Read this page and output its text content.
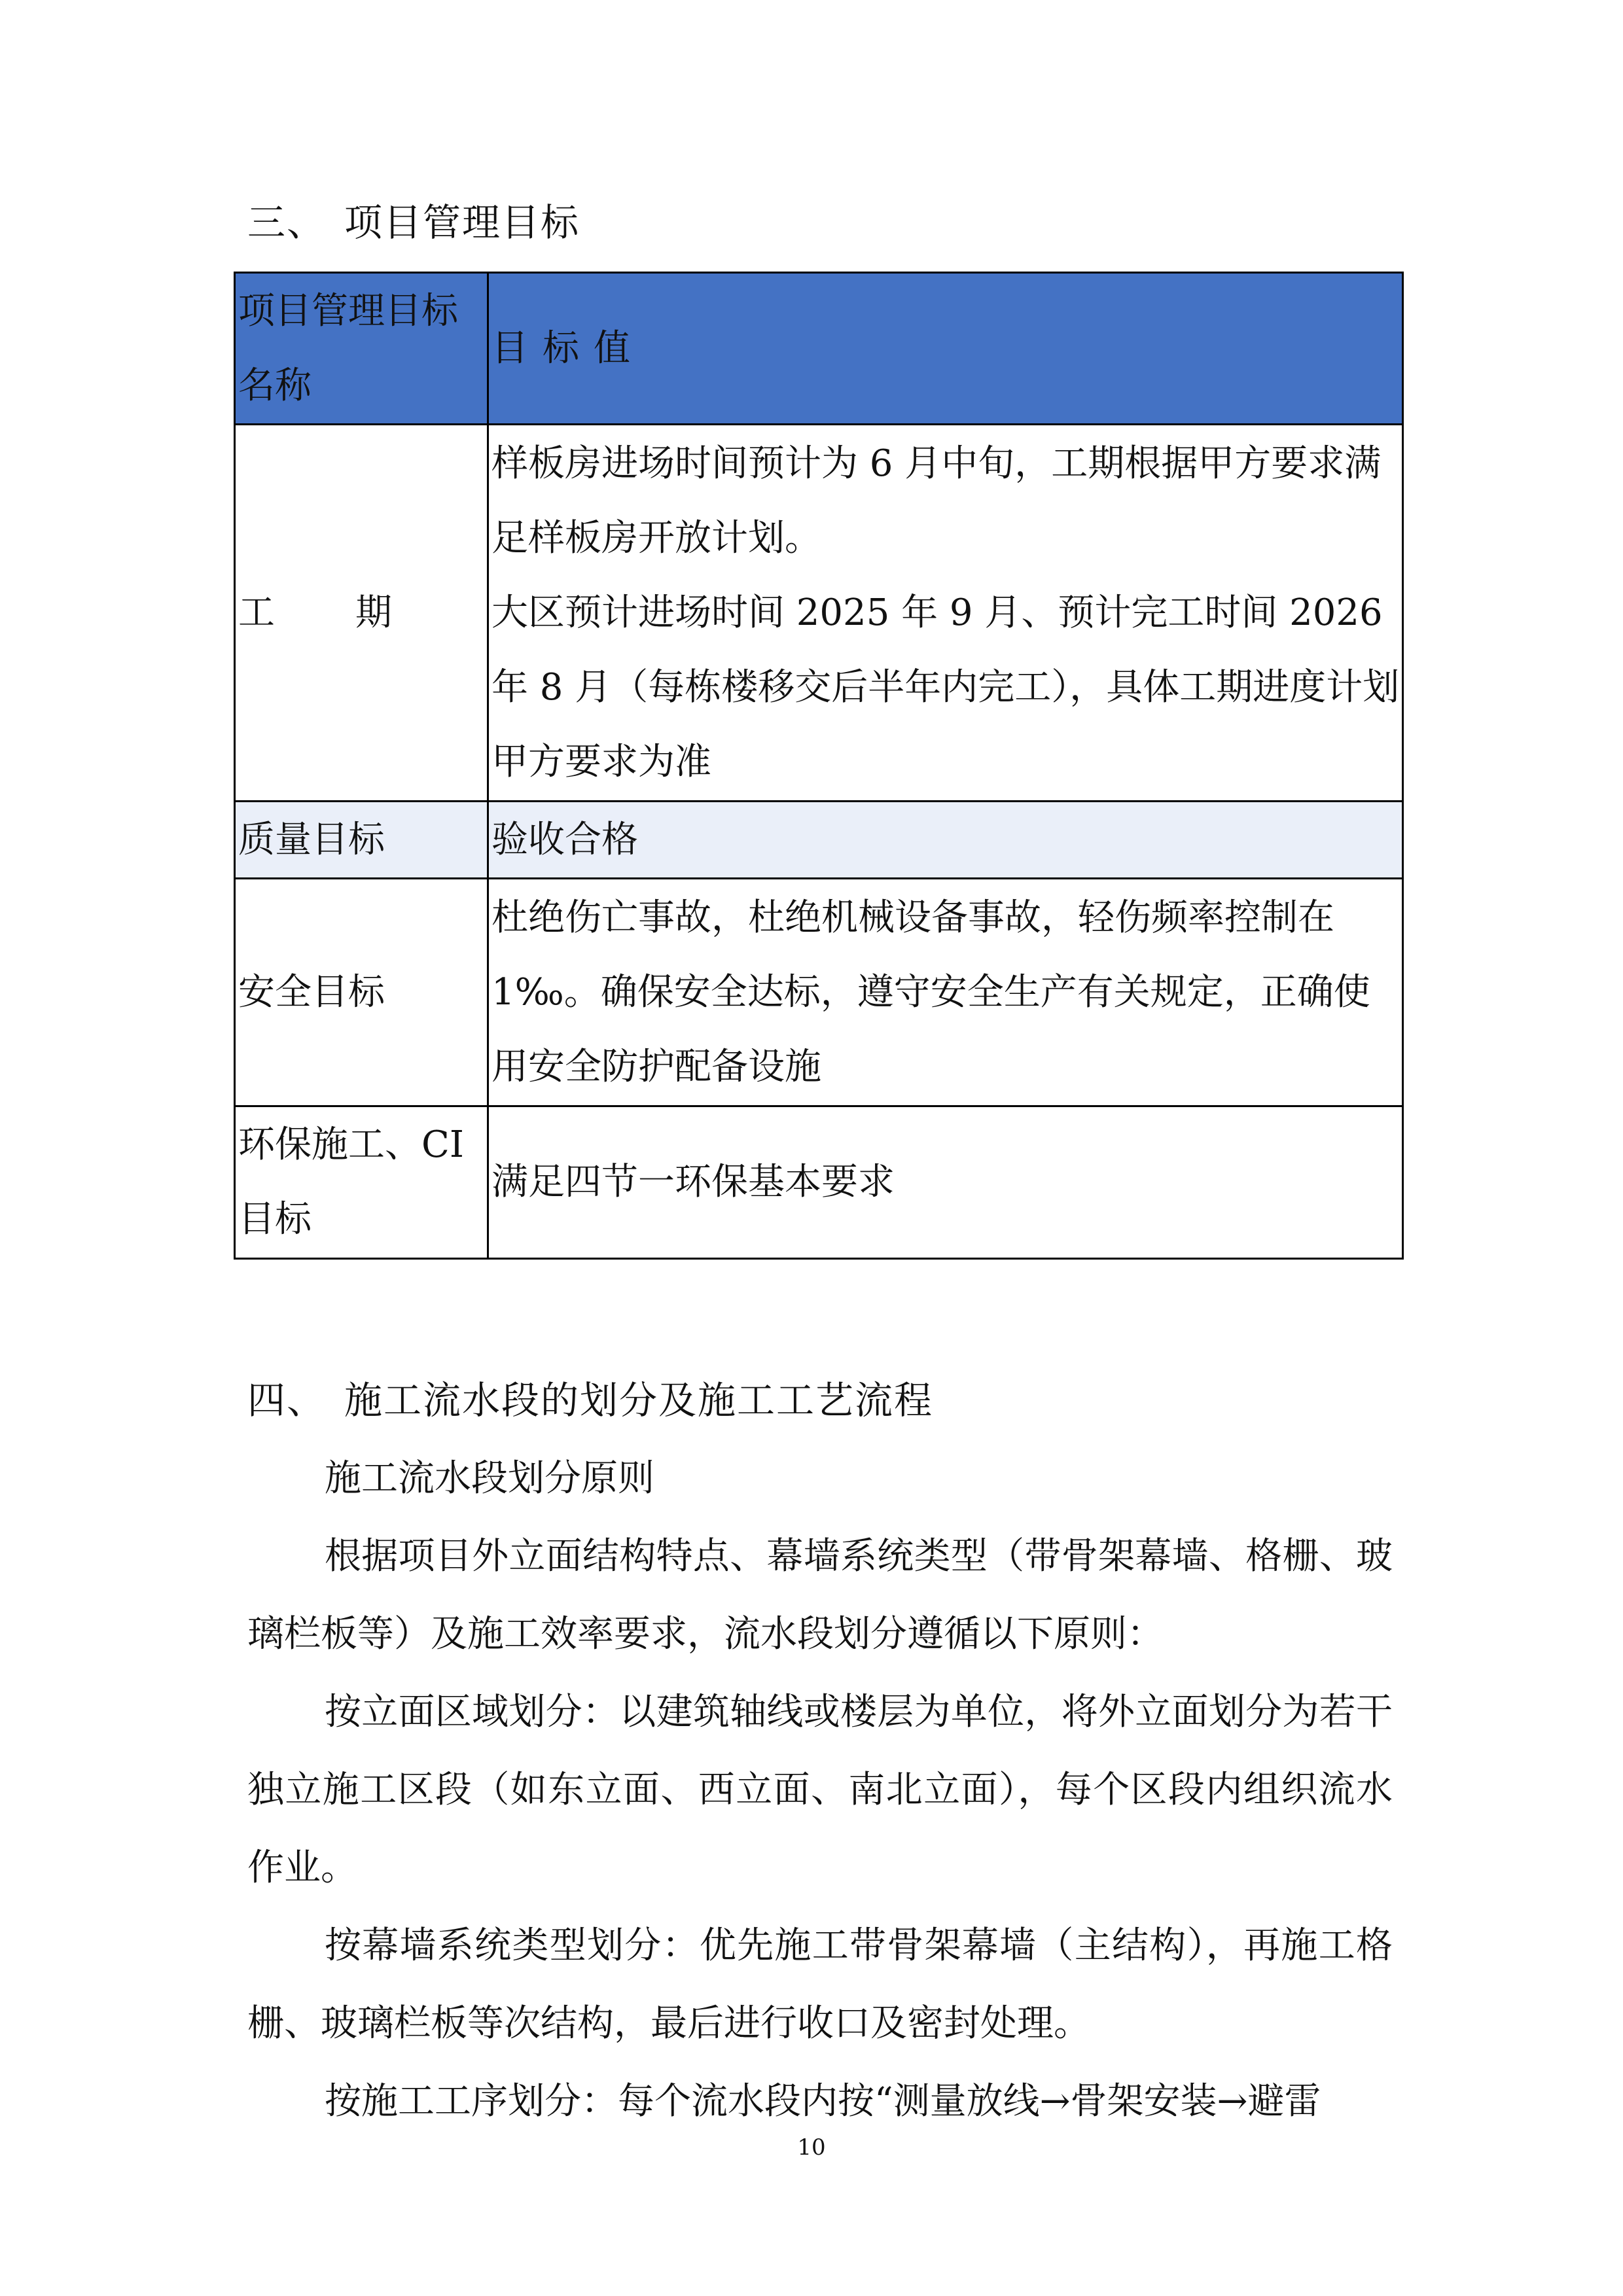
三、 项目管理目标
项目管理目标名称	目标值

工 期	样板房进场时间预计为 6 月中旬，工期根据甲方要求满足样板房开放计划。
大区预计进场时间 2025 年 9 月、预计完工时间 2026 年 8 月（每栋楼移交后半年内完工），具体工期进度计划甲方要求为准

质量目标	验收合格
安全目标	杜绝伤亡事故，杜绝机械设备事故，轻伤频率控制在 1‰。确保安全达标，遵守安全生产有关规定，正确使用安全防护配备设施
环保施工、CI 目标	满足四节一环保基本要求
四、 施工流水段的划分及施工工艺流程
施工流水段划分原则
根据项目外立面结构特点、幕墙系统类型（带骨架幕墙、格栅、玻璃栏板等）及施工效率要求，流水段划分遵循以下原则：
按立面区域划分：以建筑轴线或楼层为单位，将外立面划分为若干独立施工区段（如东立面、西立面、南北立面），每个区段内组织流水作业。
按幕墙系统类型划分：优先施工带骨架幕墙（主结构），再施工格栅、玻璃栏板等次结构，最后进行收口及密封处理。
按施工工序划分：每个流水段内按“测量放线→骨架安装→避雷
10
